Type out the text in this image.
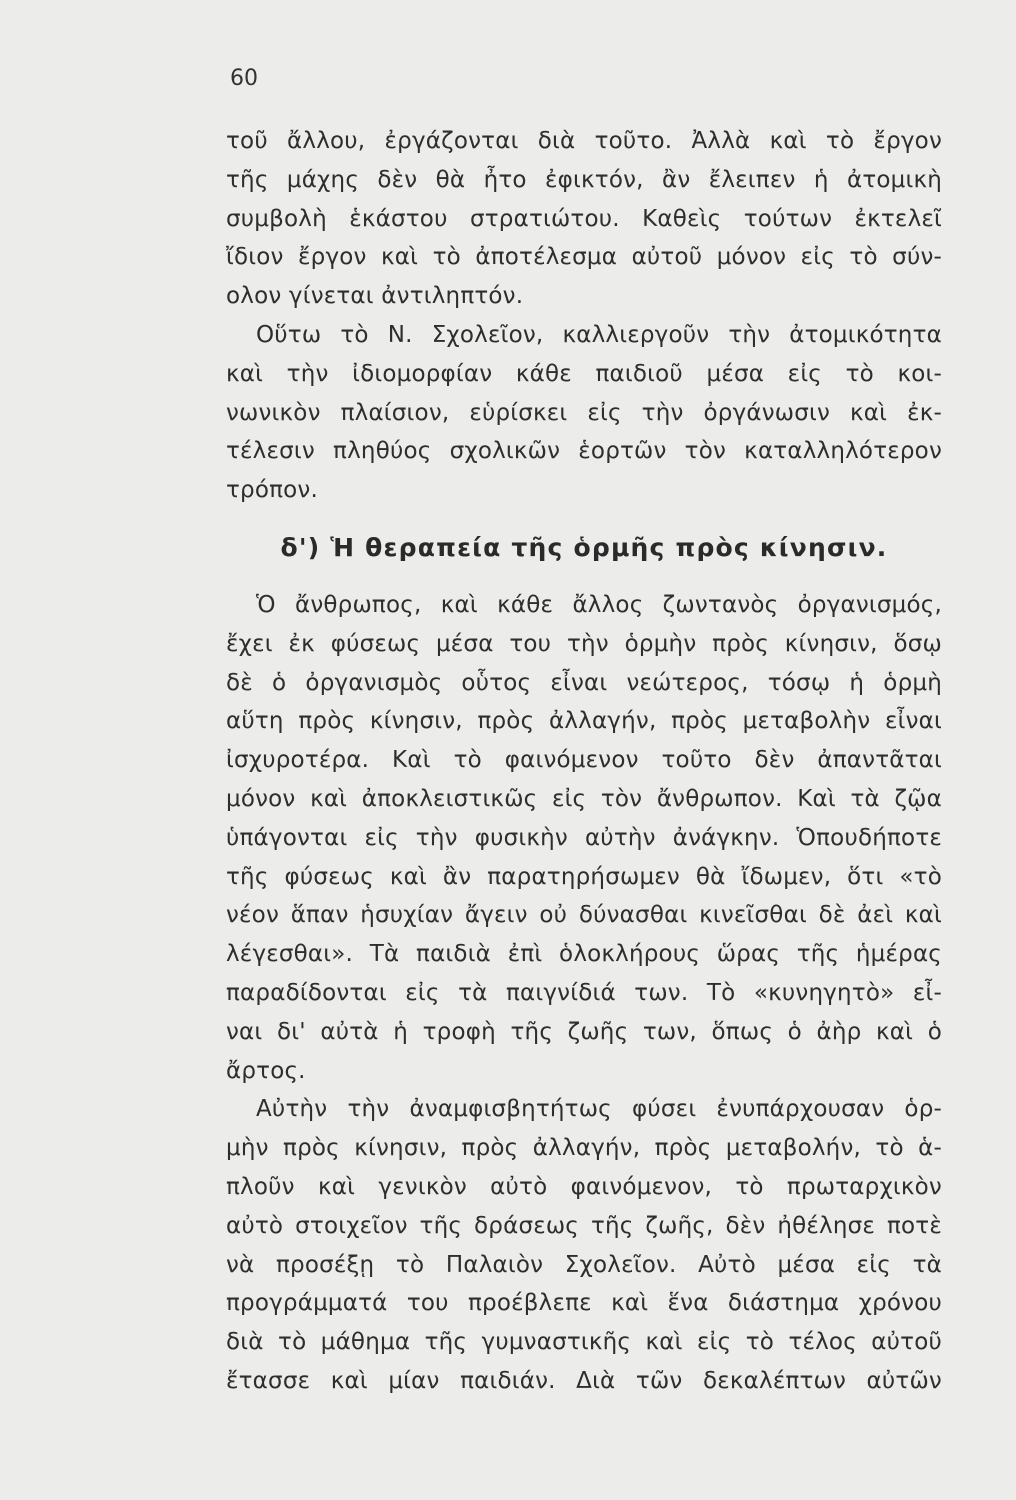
60
τοῦ ἄλλου, ἐργάζονται διὰ τοῦτο. Ἀλλὰ καὶ τὸ ἔργον
τῆς μάχης δὲν θὰ ἦτο ἐφικτόν, ἂν ἔλειπεν ἡ ἀτομικὴ
συμβολὴ ἑκάστου στρατιώτου. Καθεὶς τούτων ἐκτελεῖ
ἴδιον ἔργον καὶ τὸ ἀποτέλεσμα αὐτοῦ μόνον εἰς τὸ σύν-
ολον γίνεται ἀντιληπτόν.
Οὕτω τὸ Ν. Σχολεῖον, καλλιεργοῦν τὴν ἀτομικότητα
καὶ τὴν ἰδιομορφίαν κάθε παιδιοῦ μέσα εἰς τὸ κοι-
νωνικὸν πλαίσιον, εὑρίσκει εἰς τὴν ὀργάνωσιν καὶ ἐκ-
τέλεσιν πληθύος σχολικῶν ἑορτῶν τὸν καταλληλότερον
τρόπον.
δ') Ἡ θεραπεία τῆς ὁρμῆς πρὸς κίνησιν.
Ὁ ἄνθρωπος, καὶ κάθε ἄλλος ζωντανὸς ὀργανισμός,
ἔχει ἐκ φύσεως μέσα του τὴν ὁρμὴν πρὸς κίνησιν, ὅσῳ
δὲ ὁ ὀργανισμὸς οὗτος εἶναι νεώτερος, τόσῳ ἡ ὁρμὴ
αὕτη πρὸς κίνησιν, πρὸς ἀλλαγήν, πρὸς μεταβολὴν εἶναι
ἰσχυροτέρα. Καὶ τὸ φαινόμενον τοῦτο δὲν ἀπαντᾶται
μόνον καὶ ἀποκλειστικῶς εἰς τὸν ἄνθρωπον. Καὶ τὰ ζῷα
ὑπάγονται εἰς τὴν φυσικὴν αὐτὴν ἀνάγκην. Ὁπουδήποτε
τῆς φύσεως καὶ ἂν παρατηρήσωμεν θὰ ἴδωμεν, ὅτι «τὸ
νέον ἅπαν ἡσυχίαν ἄγειν οὐ δύνασθαι κινεῖσθαι δὲ ἀεὶ καὶ
λέγεσθαι». Τὰ παιδιὰ ἐπὶ ὁλοκλήρους ὥρας τῆς ἡμέρας
παραδίδονται εἰς τὰ παιγνίδιά των. Τὸ «κυνηγητὸ» εἶ-
ναι δι' αὐτὰ ἡ τροφὴ τῆς ζωῆς των, ὅπως ὁ ἀὴρ καὶ ὁ
ἄρτος.
Αὐτὴν τὴν ἀναμφισβητήτως φύσει ἐνυπάρχουσαν ὁρ-
μὴν πρὸς κίνησιν, πρὸς ἀλλαγήν, πρὸς μεταβολήν, τὸ ἁ-
πλοῦν καὶ γενικὸν αὐτὸ φαινόμενον, τὸ πρωταρχικὸν
αὐτὸ στοιχεῖον τῆς δράσεως τῆς ζωῆς, δὲν ἠθέλησε ποτὲ
νὰ προσέξῃ τὸ Παλαιὸν Σχολεῖον. Αὐτὸ μέσα εἰς τὰ
προγράμματά του προέβλεπε καὶ ἕνα διάστημα χρόνου
διὰ τὸ μάθημα τῆς γυμναστικῆς καὶ εἰς τὸ τέλος αὐτοῦ
ἔτασσε καὶ μίαν παιδιάν. Διὰ τῶν δεκαλέπτων αὐτῶν
